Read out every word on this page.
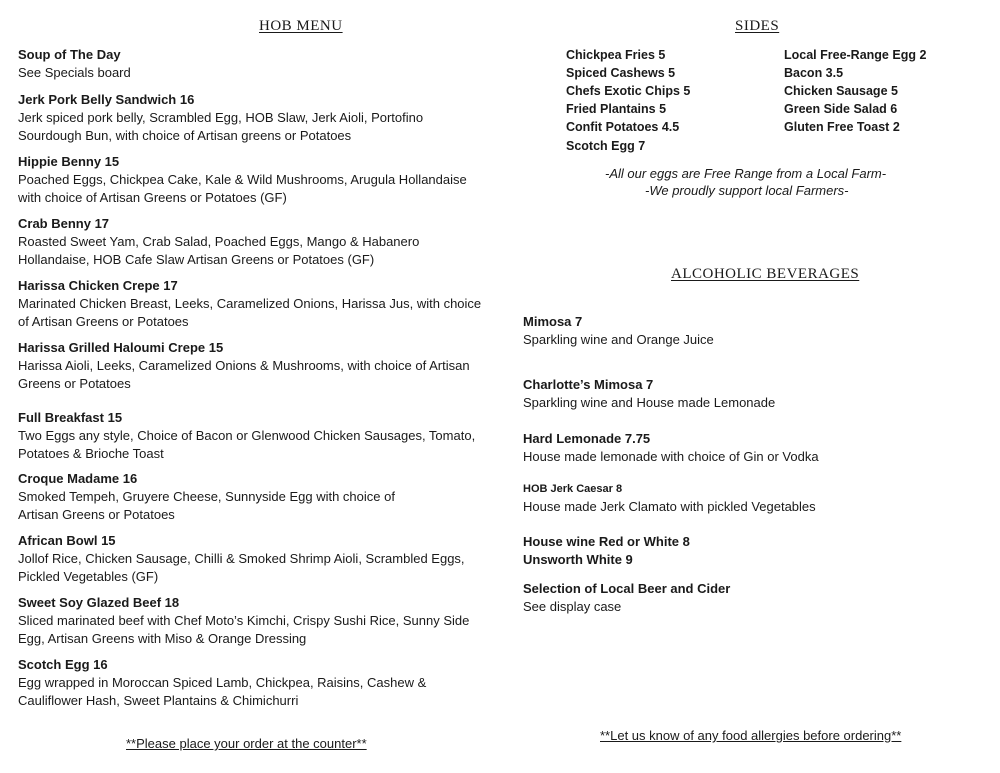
HOB MENU
Soup of The Day
See Specials board
Jerk Pork Belly Sandwich 16
Jerk spiced pork belly, Scrambled Egg, HOB Slaw, Jerk Aioli, Portofino Sourdough Bun, with choice of Artisan greens or Potatoes
Hippie Benny 15
Poached Eggs, Chickpea Cake, Kale & Wild Mushrooms, Arugula Hollandaise with choice of Artisan Greens or Potatoes (GF)
Crab Benny 17
Roasted Sweet Yam, Crab Salad, Poached Eggs, Mango & Habanero Hollandaise, HOB Cafe Slaw Artisan Greens or Potatoes (GF)
Harissa Chicken Crepe 17
Marinated Chicken Breast, Leeks, Caramelized Onions, Harissa Jus, with choice of Artisan Greens or Potatoes
Harissa Grilled Haloumi Crepe 15
Harissa Aioli, Leeks, Caramelized Onions & Mushrooms, with choice of Artisan Greens or Potatoes
Full Breakfast 15
Two Eggs any style, Choice of Bacon or Glenwood Chicken Sausages, Tomato, Potatoes & Brioche Toast
Croque Madame 16
Smoked Tempeh, Gruyere Cheese, Sunnyside Egg with choice of Artisan Greens or Potatoes
African Bowl 15
Jollof Rice, Chicken Sausage, Chilli & Smoked Shrimp Aioli, Scrambled Eggs, Pickled Vegetables (GF)
Sweet Soy Glazed Beef 18
Sliced marinated beef with Chef Moto’s Kimchi, Crispy Sushi Rice, Sunny Side Egg, Artisan Greens with Miso & Orange Dressing
Scotch Egg 16
Egg wrapped in Moroccan Spiced Lamb, Chickpea, Raisins, Cashew & Cauliflower Hash, Sweet Plantains & Chimichurri
**Please place your order at the counter**
SIDES
Chickpea Fries 5
Spiced Cashews 5
Chefs Exotic Chips 5
Fried Plantains 5
Confit Potatoes 4.5
Scotch Egg 7
Local Free-Range Egg 2
Bacon 3.5
Chicken Sausage 5
Green Side Salad 6
Gluten Free Toast 2
-All our eggs are Free Range from a Local Farm-
-We proudly support local Farmers-
ALCOHOLIC BEVERAGES
Mimosa 7
Sparkling wine and Orange Juice
Charlotte’s Mimosa 7
Sparkling wine and House made Lemonade
Hard Lemonade 7.75
House made lemonade with choice of Gin or Vodka
HOB Jerk Caesar 8
House made Jerk Clamato with pickled Vegetables
House wine Red or White 8
Unsworth White 9
Selection of Local Beer and Cider
See display case
**Let us know of any food allergies before ordering**
